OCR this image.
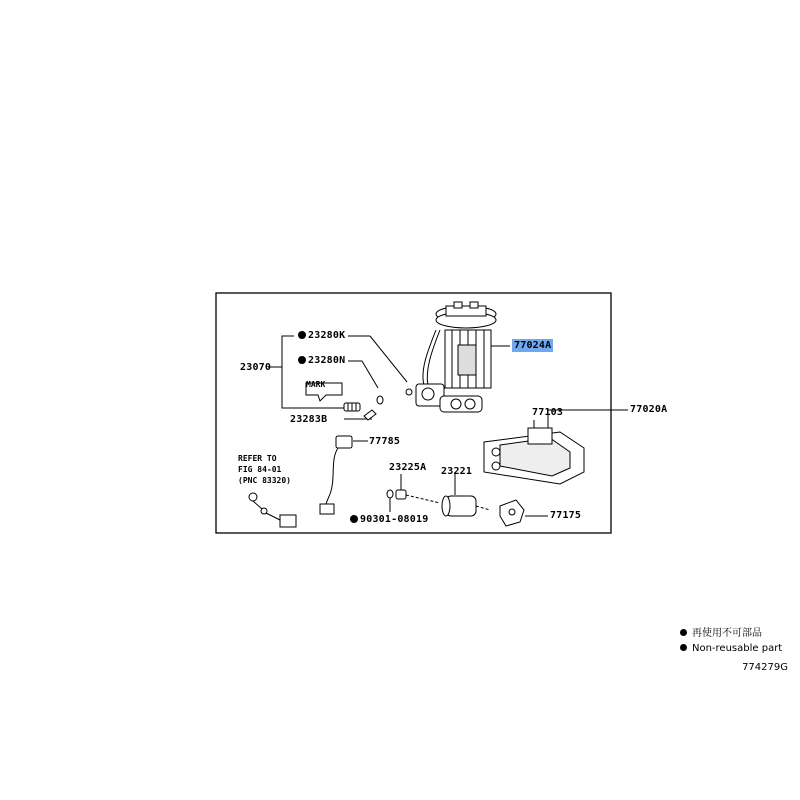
23280K
23280N
23070
23283B
77024A
77103	77020A
77785
23225A 23221
90301-08019	77175
MARK
REFER TO
FIG 84-01
(PNC 83320)
再使用不可部品
Non-reusable part
774279G
